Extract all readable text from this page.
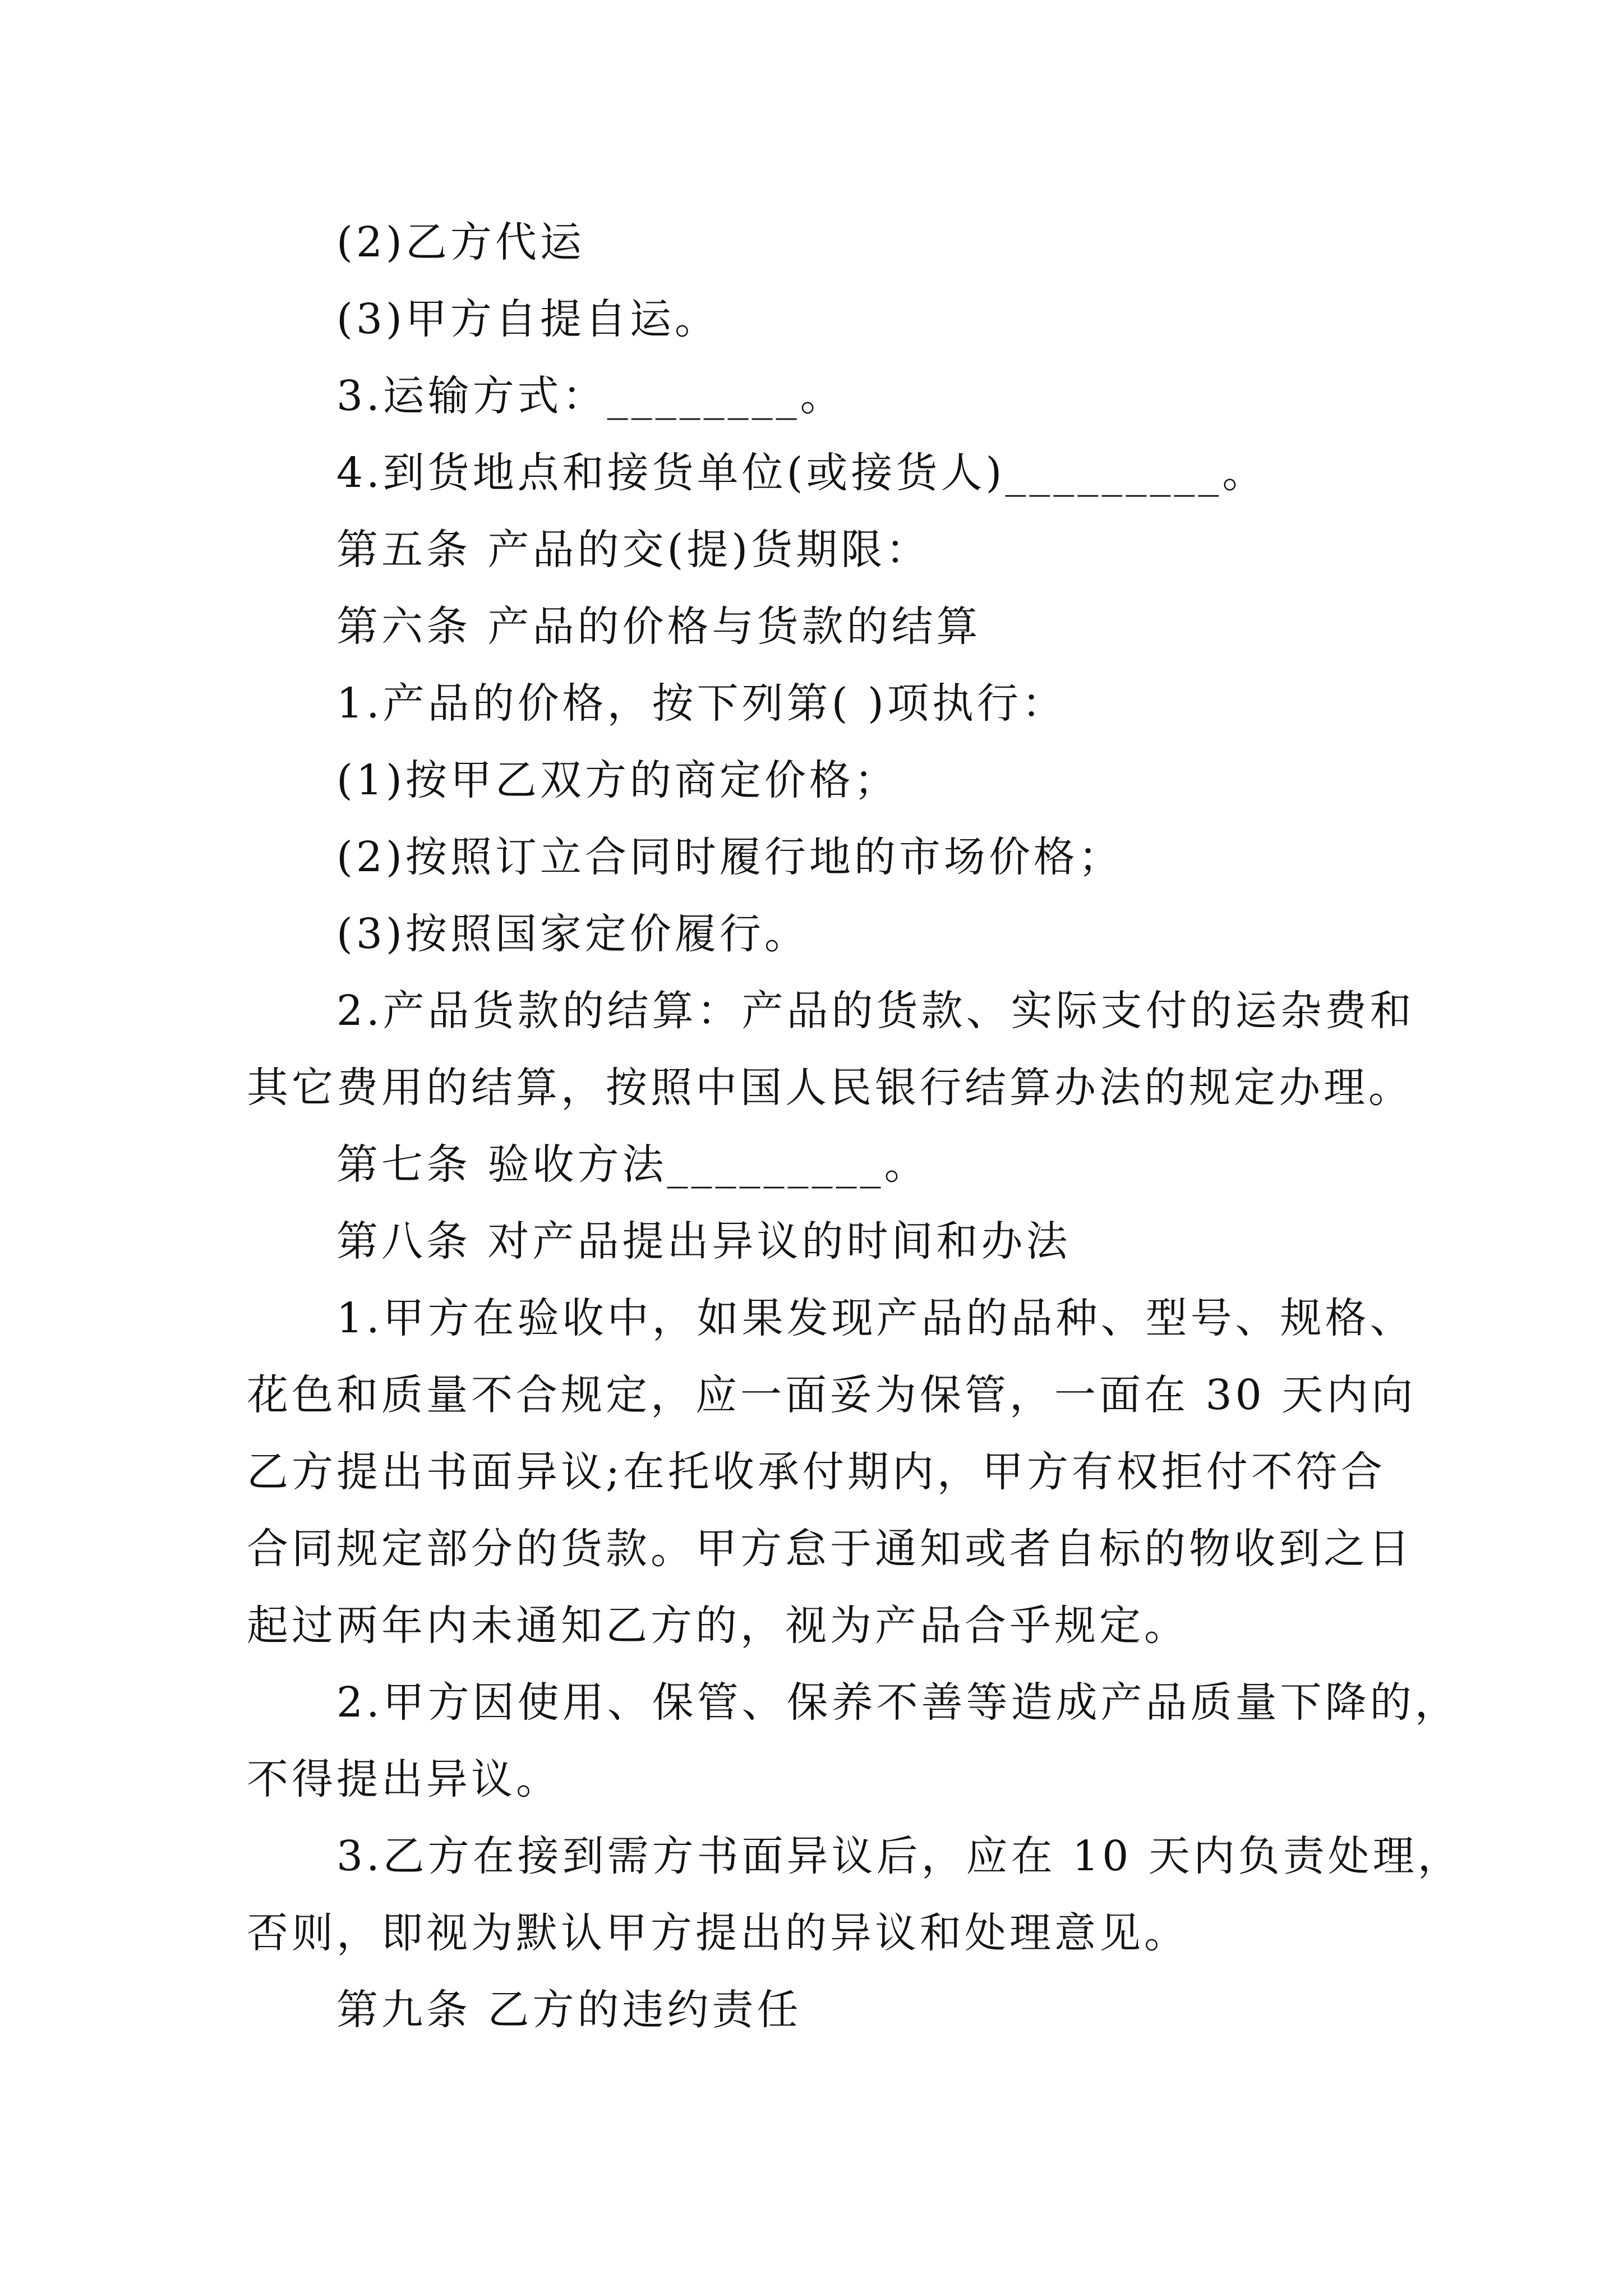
(2)乙方代运
(3)甲方自提自运。
3.运输方式：________。
4.到货地点和接货单位(或接货人)_________。
第五条 产品的交(提)货期限：
第六条 产品的价格与货款的结算
1.产品的价格，按下列第( )项执行：
(1)按甲乙双方的商定价格；
(2)按照订立合同时履行地的市场价格；
(3)按照国家定价履行。
2.产品货款的结算：产品的货款、实际支付的运杂费和
其它费用的结算，按照中国人民银行结算办法的规定办理。
第七条 验收方法_________。
第八条 对产品提出异议的时间和办法
1.甲方在验收中，如果发现产品的品种、型号、规格、
花色和质量不合规定，应一面妥为保管，一面在 30 天内向
乙方提出书面异议;在托收承付期内，甲方有权拒付不符合
合同规定部分的货款。甲方怠于通知或者自标的物收到之日
起过两年内未通知乙方的，视为产品合乎规定。
2.甲方因使用、保管、保养不善等造成产品质量下降的，
不得提出异议。
3.乙方在接到需方书面异议后，应在 10 天内负责处理，
否则，即视为默认甲方提出的异议和处理意见。
第九条 乙方的违约责任
